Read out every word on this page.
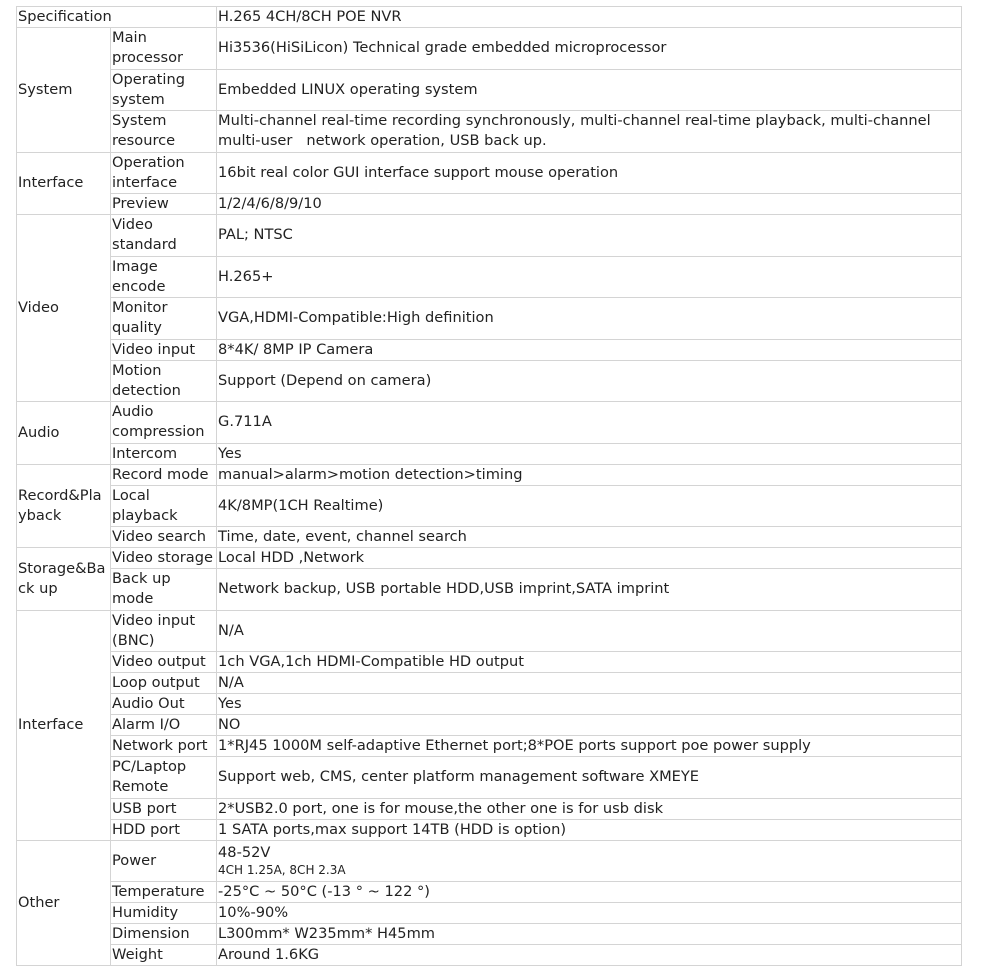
Specification		H.265 4CH/8CH POE NVR
System	Main processor	Hi3536(HiSiLicon) Technical grade embedded microprocessor
	Operating system	Embedded LINUX operating system
	System resource	Multi-channel real-time recording synchronously, multi-channel real-time playback, multi-channel multi-user   network operation, USB back up.
Interface	Operation interface	16bit real color GUI interface support mouse operation
	Preview	1/2/4/6/8/9/10
Video	Video standard	PAL; NTSC
	Image encode	H.265+
	Monitor quality	VGA,HDMI-Compatible:High definition
	Video input	8*4K/ 8MP IP Camera
	Motion detection	Support (Depend on camera)
Audio	Audio compression	G.711A
	Intercom	Yes
Record&Playback	Record mode	manual>alarm>motion detection>timing
	Local playback	4K/8MP(1CH Realtime)
	Video search	Time, date, event, channel search
Storage&Back up	Video storage	Local HDD ,Network
	Back up mode	Network backup, USB portable HDD,USB imprint,SATA imprint
Interface	Video input (BNC)	N/A
	Video output	1ch VGA,1ch HDMI-Compatible HD output
	Loop output	N/A
	Audio Out	Yes
	Alarm I/O	NO
	Network port	1*RJ45 1000M self-adaptive Ethernet port;8*POE ports support poe power supply
	PC/Laptop Remote	Support web, CMS, center platform management software XMEYE
	USB port	2*USB2.0 port, one is for mouse,the other one is for usb disk
	HDD port	1 SATA ports,max support 14TB (HDD is option)
Other	Power	48-52V
4CH 1.25A, 8CH 2.3A

	Temperature	-25°C ~ 50°C (-13 ° ~ 122 °)
	Humidity	10%-90%
	Dimension	L300mm* W235mm* H45mm
	Weight	Around 1.6KG
